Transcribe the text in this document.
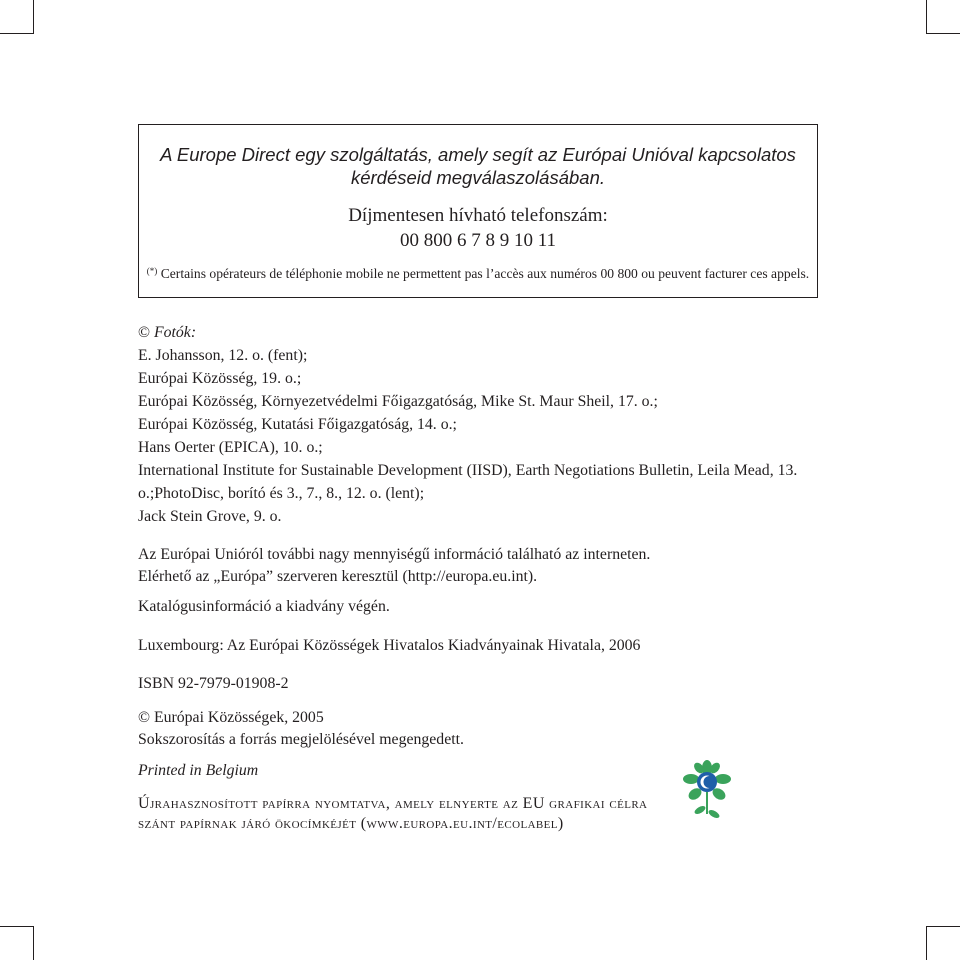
A Europe Direct egy szolgáltatás, amely segít az Európai Unióval kapcsolatos
kérdéseid megválaszolásában.
Díjmentesen hívható telefonszám:
00 800 6 7 8 9 10 11
(*) Certains opérateurs de téléphonie mobile ne permettent pas l’accès aux numéros 00 800 ou peuvent facturer ces appels.
© Fotók:
E. Johansson, 12. o. (fent);
Európai Közösség, 19. o.;
Európai Közösség, Környezetvédelmi Főigazgatóság, Mike St. Maur Sheil, 17. o.;
Európai Közösség, Kutatási Főigazgatóság, 14. o.;
Hans Oerter (EPICA), 10. o.;
International Institute for Sustainable Development (IISD), Earth Negotiations Bulletin, Leila Mead, 13.
o.;PhotoDisc, borító és 3., 7., 8., 12. o. (lent);
Jack Stein Grove, 9. o.
Az Európai Unióról további nagy mennyiségű információ található az interneten.
Elérhető az „Európa” szerveren keresztül (http://europa.eu.int).
Katalógusinformáció a kiadvány végén.
Luxembourg: Az Európai Közösségek Hivatalos Kiadványainak Hivatala, 2006
ISBN 92-7979-01908-2
© Európai Közösségek, 2005
Sokszorosítás a forrás megjelölésével megengedett.
Printed in Belgium
Újrahasznosított papírra nyomtatva, amely elnyerte az EU grafikai célra
szánt papírnak járó ökocímkéjét (www.europa.eu.int/ecolabel)
